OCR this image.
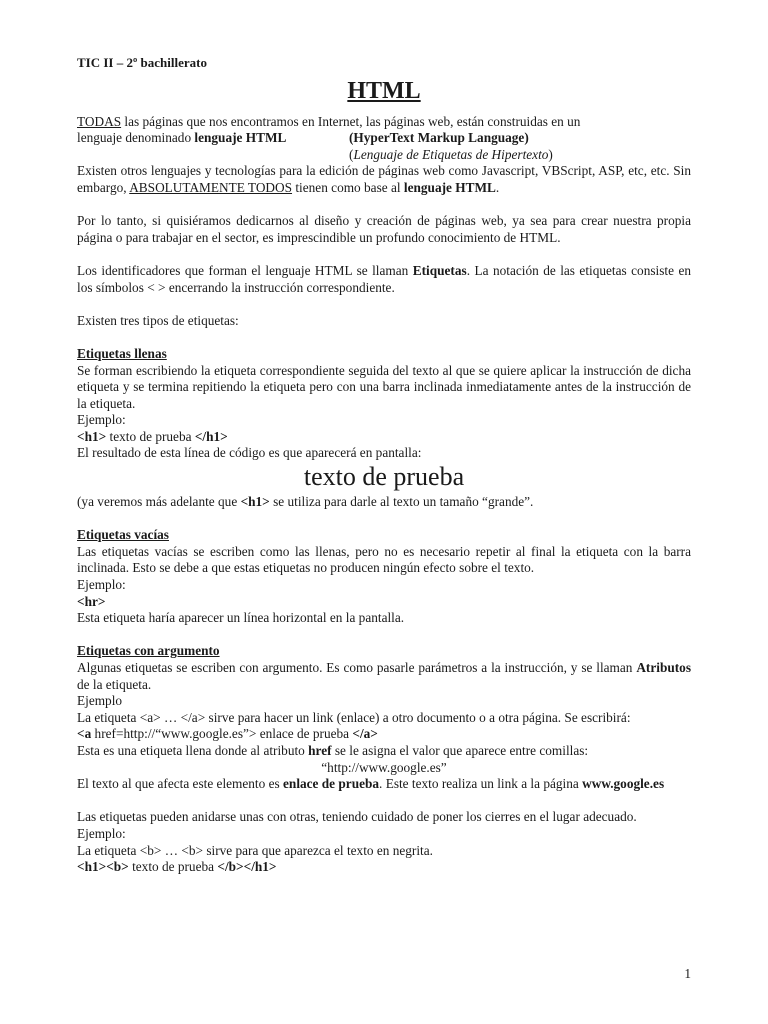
TIC II – 2º bachillerato

HTML

TODAS las páginas que nos encontramos en Internet, las páginas web, están construidas en un

lenguaje denominado lenguaje HTML	(HyperText Markup Language)

(Lenguaje de Etiquetas de Hipertexto)

Existen otros lenguajes y tecnologías para la edición de páginas web como Javascript, VBScript, ASP, etc, etc. Sin embargo, ABSOLUTAMENTE TODOS tienen como base al lenguaje HTML.

Por lo tanto, si quisiéramos dedicarnos al diseño y creación de páginas web, ya sea para crear nuestra propia página o para trabajar en el sector, es imprescindible un profundo conocimiento de HTML.

Los identificadores que forman el lenguaje HTML se llaman Etiquetas. La notación de las etiquetas consiste en los símbolos < > encerrando la instrucción correspondiente.

Existen tres tipos de etiquetas:

Etiquetas llenas

Se forman escribiendo la etiqueta correspondiente seguida del texto al que se quiere aplicar la instrucción de dicha etiqueta y se termina repitiendo la etiqueta pero con una barra inclinada inmediatamente antes de la instrucción de la etiqueta.

Ejemplo:

<h1> texto de prueba </h1>

El resultado de esta línea de código es que aparecerá en pantalla:

texto de prueba

(ya veremos más adelante que <h1> se utiliza para darle al texto un tamaño “grande”.

Etiquetas vacías

Las etiquetas vacías se escriben como las llenas, pero no es necesario repetir al final la etiqueta con la barra inclinada. Esto se debe a que estas etiquetas no producen ningún efecto sobre el texto.

Ejemplo:

<hr>

Esta etiqueta haría aparecer un línea horizontal en la pantalla.

Etiquetas con argumento

Algunas etiquetas se escriben con argumento. Es como pasarle parámetros a la instrucción, y se llaman Atributos de la etiqueta.

Ejemplo

La etiqueta <a> … </a> sirve para hacer un link (enlace) a otro documento o a otra página. Se escribirá:

<a href=http://“www.google.es”> enlace de prueba </a>

Esta es una etiqueta llena donde al atributo href se le asigna el valor que aparece entre comillas:

“http://www.google.es”

El texto al que afecta este elemento es enlace de prueba. Este texto realiza un link a la página www.google.es

Las etiquetas pueden anidarse unas con otras, teniendo cuidado de poner los cierres en el lugar adecuado.

Ejemplo:

La etiqueta <b> … <b> sirve para que aparezca el texto en negrita.

<h1><b> texto de prueba </b></h1>

1
